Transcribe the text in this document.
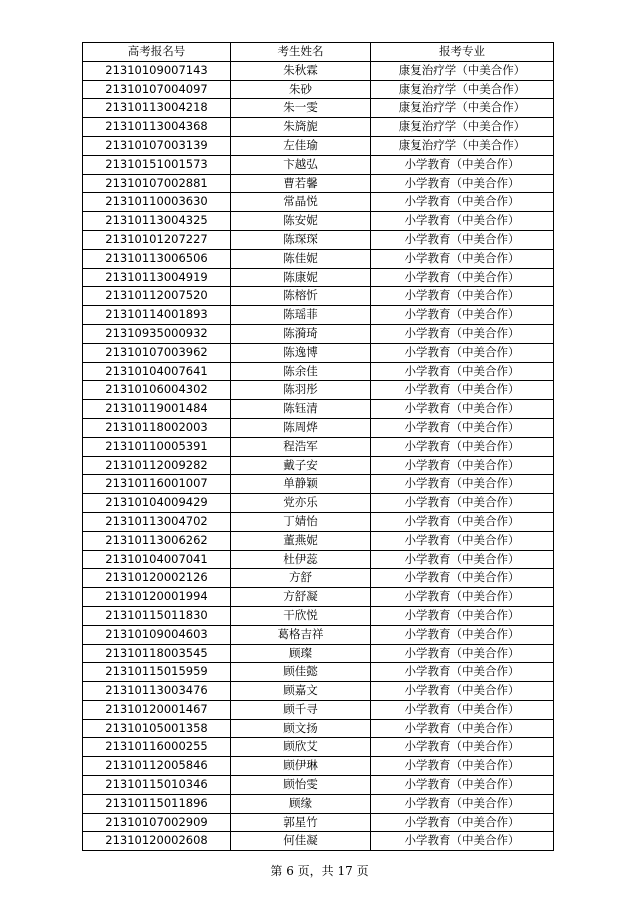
高考报名号	考生姓名	报考专业
21310109007143	朱秋霖	康复治疗学（中美合作）
21310107004097	朱砂	康复治疗学（中美合作）
21310113004218	朱一雯	康复治疗学（中美合作）
21310113004368	朱旖旎	康复治疗学（中美合作）
21310107003139	左佳瑜	康复治疗学（中美合作）
21310151001573	卞越弘	小学教育（中美合作）
21310107002881	曹若馨	小学教育（中美合作）
21310110003630	常晶悦	小学教育（中美合作）
21310113004325	陈安妮	小学教育（中美合作）
21310101207227	陈琛琛	小学教育（中美合作）
21310113006506	陈佳妮	小学教育（中美合作）
21310113004919	陈康妮	小学教育（中美合作）
21310112007520	陈榕忻	小学教育（中美合作）
21310114001893	陈瑶菲	小学教育（中美合作）
21310935000932	陈漪琦	小学教育（中美合作）
21310107003962	陈逸博	小学教育（中美合作）
21310104007641	陈余佳	小学教育（中美合作）
21310106004302	陈羽彤	小学教育（中美合作）
21310119001484	陈钰清	小学教育（中美合作）
21310118002003	陈周烨	小学教育（中美合作）
21310110005391	程浩军	小学教育（中美合作）
21310112009282	戴子安	小学教育（中美合作）
21310116001007	单静颖	小学教育（中美合作）
21310104009429	党亦乐	小学教育（中美合作）
21310113004702	丁婧怡	小学教育（中美合作）
21310113006262	董燕妮	小学教育（中美合作）
21310104007041	杜伊蕊	小学教育（中美合作）
21310120002126	方舒	小学教育（中美合作）
21310120001994	方舒凝	小学教育（中美合作）
21310115011830	干欣悦	小学教育（中美合作）
21310109004603	葛格吉祥	小学教育（中美合作）
21310118003545	顾璨	小学教育（中美合作）
21310115015959	顾佳懿	小学教育（中美合作）
21310113003476	顾嘉文	小学教育（中美合作）
21310120001467	顾千寻	小学教育（中美合作）
21310105001358	顾文扬	小学教育（中美合作）
21310116000255	顾欣艾	小学教育（中美合作）
21310112005846	顾伊琳	小学教育（中美合作）
21310115010346	顾怡雯	小学教育（中美合作）
21310115011896	顾缘	小学教育（中美合作）
21310107002909	郭星竹	小学教育（中美合作）
21310120002608	何佳凝	小学教育（中美合作）
第 6 页，共 17 页
